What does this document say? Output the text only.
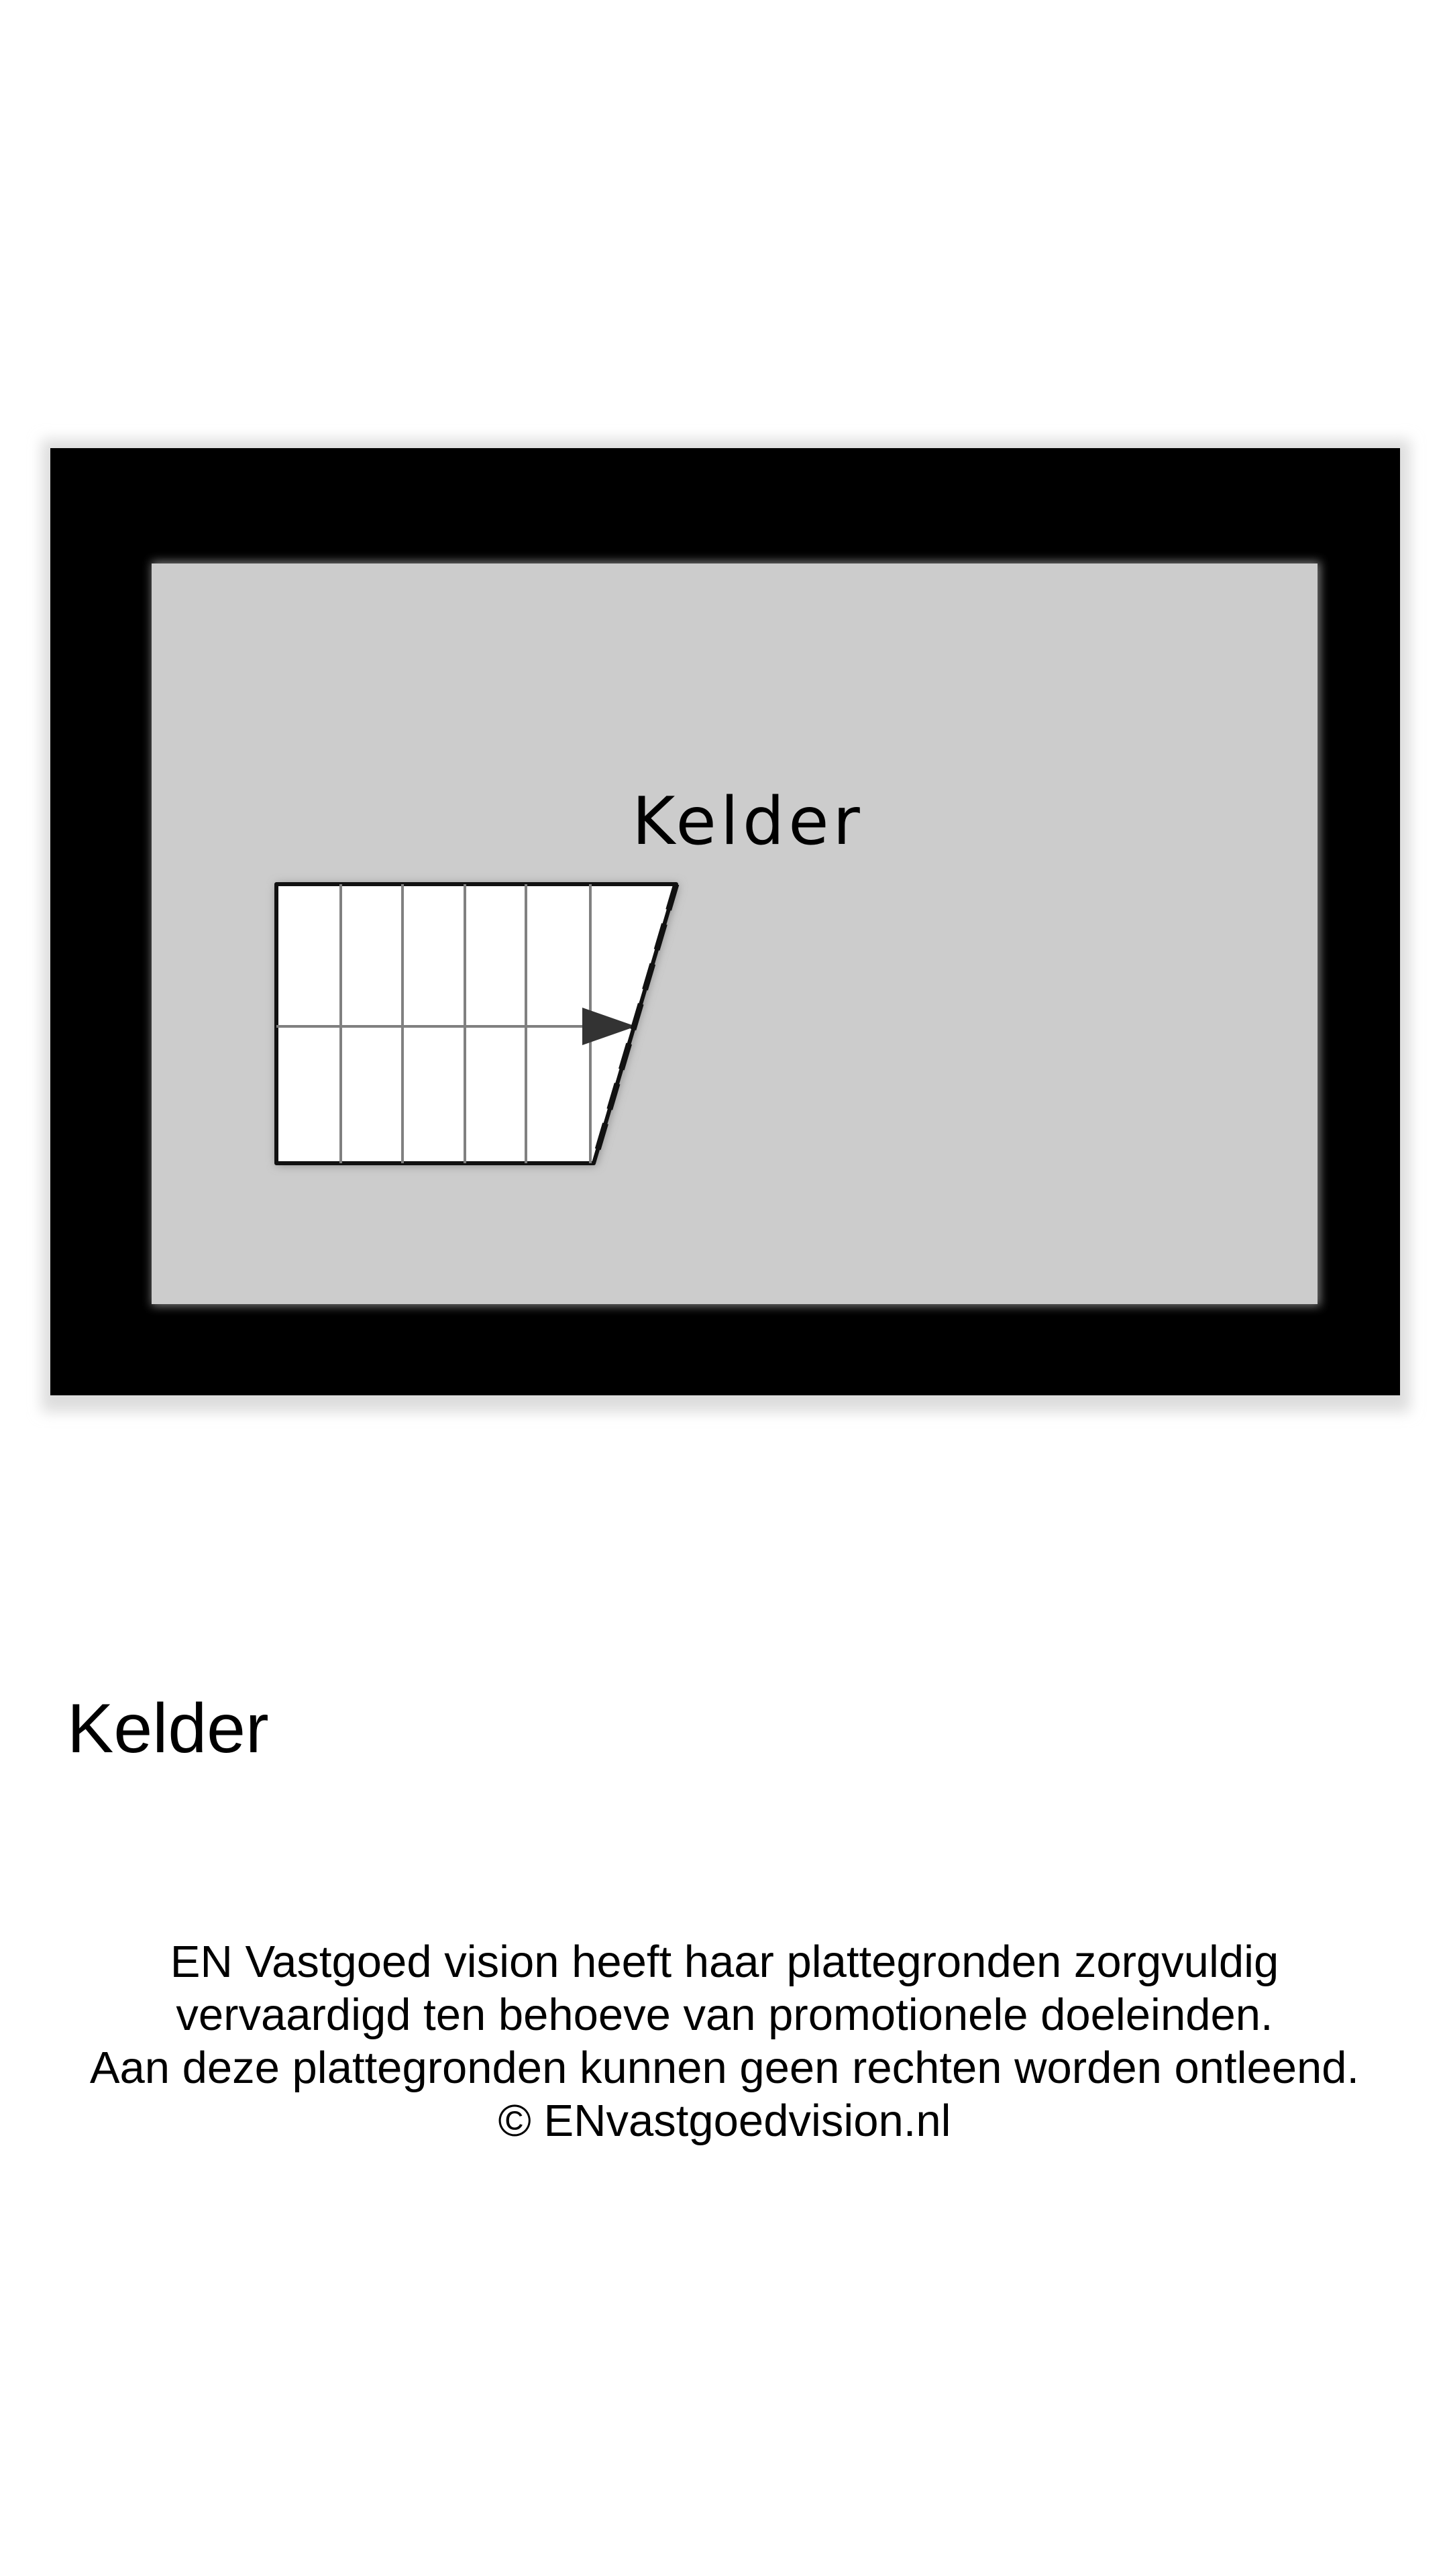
Kelder
Kelder
EN Vastgoed vision heeft haar plattegronden zorgvuldig
vervaardigd ten behoeve van promotionele doeleinden.
Aan deze plattegronden kunnen geen rechten worden ontleend.
© ENvastgoedvision.nl
